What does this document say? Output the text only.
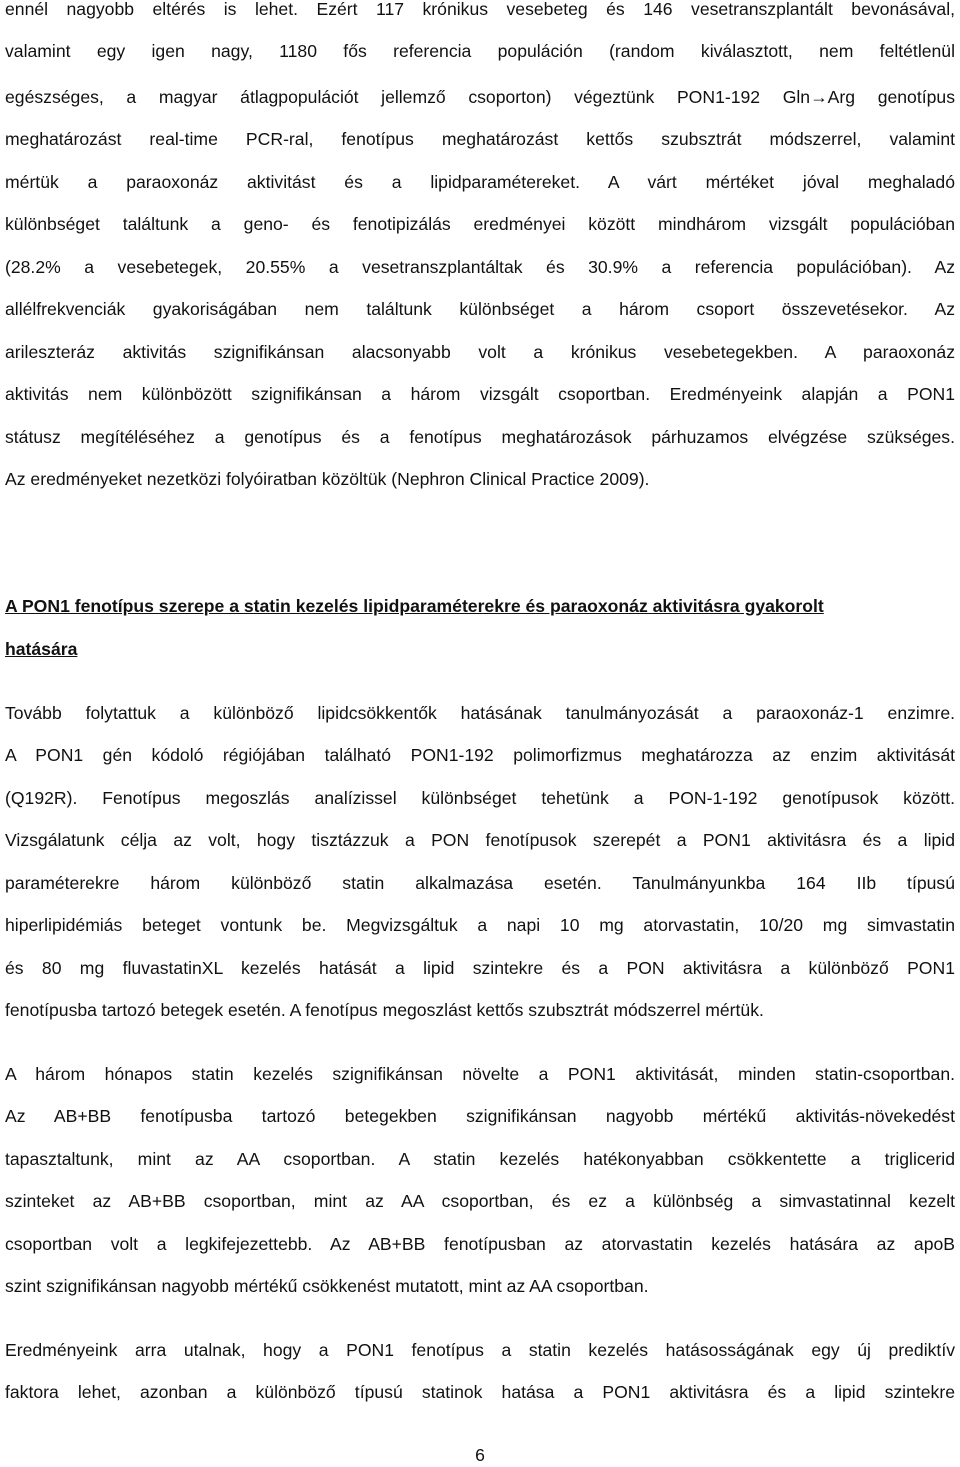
ennél nagyobb eltérés is lehet. Ezért 117 krónikus vesebeteg és 146 vesetranszplantált bevonásával,
valamint egy igen nagy, 1180 fős referencia populáción (random kiválasztott, nem feltétlenül
egészséges, a magyar átlagpopulációt jellemző csoporton) végeztünk PON1-192 Gln→Arg genotípus
meghatározást real-time PCR-ral, fenotípus meghatározást kettős szubsztrát módszerrel, valamint
mértük a paraoxonáz aktivitást és a lipidparamétereket. A várt mértéket jóval meghaladó
különbséget találtunk a geno- és fenotipizálás eredményei között mindhárom vizsgált populációban
(28.2% a vesebetegek, 20.55% a vesetranszplantáltak és 30.9% a referencia populációban). Az
allélfrekvenciák gyakoriságában nem találtunk különbséget a három csoport összevetésekor. Az
arileszteráz aktivitás szignifikánsan alacsonyabb volt a krónikus vesebetegekben. A paraoxonáz
aktivitás nem különbözött szignifikánsan a három vizsgált csoportban. Eredményeink alapján a PON1
státusz megítéléséhez a genotípus és a fenotípus meghatározások párhuzamos elvégzése szükséges.
Az eredményeket nezetközi folyóiratban közöltük (Nephron Clinical Practice 2009).
A PON1 fenotípus szerepe a statin kezelés lipidparaméterekre és paraoxonáz aktivitásra gyakorolt
hatására
Tovább folytattuk a különböző lipidcsökkentők hatásának tanulmányozását a paraoxonáz-1 enzimre.
A PON1 gén kódoló régiójában található PON1-192 polimorfizmus meghatározza az enzim aktivitását
(Q192R). Fenotípus megoszlás analízissel különbséget tehetünk a PON-1-192 genotípusok között.
Vizsgálatunk célja az volt, hogy tisztázzuk a PON fenotípusok szerepét a PON1 aktivitásra és a lipid
paraméterekre három különböző statin alkalmazása esetén. Tanulmányunkba 164 IIb típusú
hiperlipidémiás beteget vontunk be. Megvizsgáltuk a napi 10 mg atorvastatin, 10/20 mg simvastatin
és 80 mg fluvastatinXL kezelés hatását a lipid szintekre és a PON aktivitásra a különböző PON1
fenotípusba tartozó betegek esetén. A fenotípus megoszlást kettős szubsztrát módszerrel mértük.
A három hónapos statin kezelés szignifikánsan növelte a PON1 aktivitását, minden statin-csoportban.
Az AB+BB fenotípusba tartozó betegekben szignifikánsan nagyobb mértékű aktivitás-növekedést
tapasztaltunk, mint az AA csoportban. A statin kezelés hatékonyabban csökkentette a triglicerid
szinteket az AB+BB csoportban, mint az AA csoportban, és ez a különbség a simvastatinnal kezelt
csoportban volt a legkifejezettebb. Az AB+BB fenotípusban az atorvastatin kezelés hatására az apoB
szint szignifikánsan nagyobb mértékű csökkenést mutatott, mint az AA csoportban.
Eredményeink arra utalnak, hogy a PON1 fenotípus a statin kezelés hatásosságának egy új prediktív
faktora lehet, azonban a különböző típusú statinok hatása a PON1 aktivitásra és a lipid szintekre
6
